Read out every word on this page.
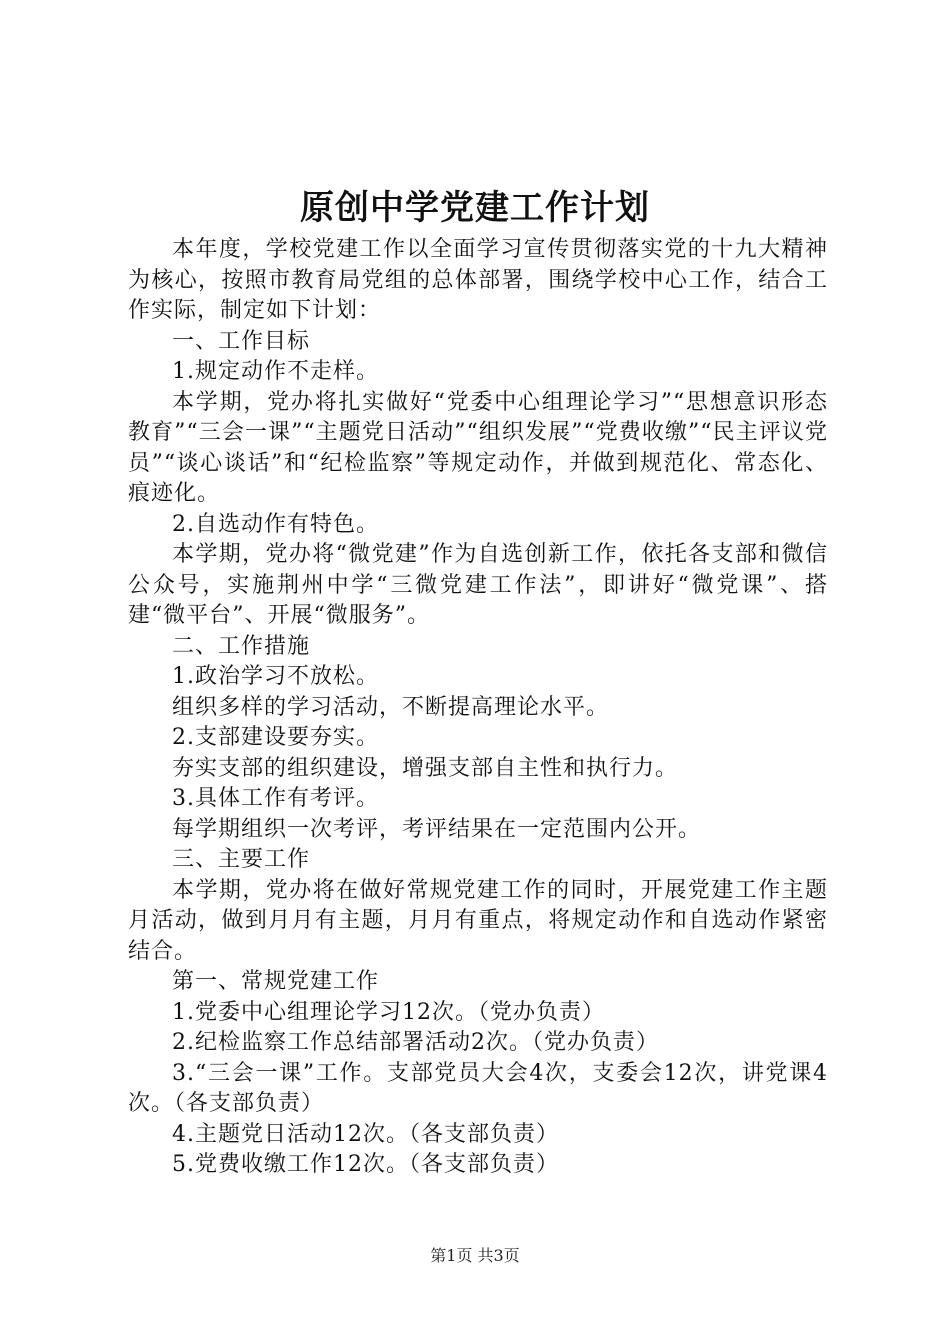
原创中学党建工作计划

本年度，学校党建工作以全面学习宣传贯彻落实党的十九大精神为核心，按照市教育局党组的总体部署，围绕学校中心工作，结合工作实际，制定如下计划：

一、工作目标

1.规定动作不走样。

本学期，党办将扎实做好“党委中心组理论学习”“思想意识形态教育”“三会一课”“主题党日活动”“组织发展”“党费收缴”“民主评议党员”“谈心谈话”和“纪检监察”等规定动作，并做到规范化、常态化、痕迹化。

2.自选动作有特色。

本学期，党办将“微党建”作为自选创新工作，依托各支部和微信公众号，实施荆州中学“三微党建工作法”，即讲好“微党课”、搭建“微平台”、开展“微服务”。

二、工作措施

1.政治学习不放松。

组织多样的学习活动，不断提高理论水平。

2.支部建设要夯实。

夯实支部的组织建设，增强支部自主性和执行力。

3.具体工作有考评。

每学期组织一次考评，考评结果在一定范围内公开。

三、主要工作

本学期，党办将在做好常规党建工作的同时，开展党建工作主题月活动，做到月月有主题，月月有重点，将规定动作和自选动作紧密结合。

第一、常规党建工作

1.党委中心组理论学习12次。（党办负责）

2.纪检监察工作总结部署活动2次。（党办负责）

3.“三会一课”工作。支部党员大会4次，支委会12次，讲党课4次。（各支部负责）

4.主题党日活动12次。（各支部负责）

5.党费收缴工作12次。（各支部负责）

第1页 共3页
